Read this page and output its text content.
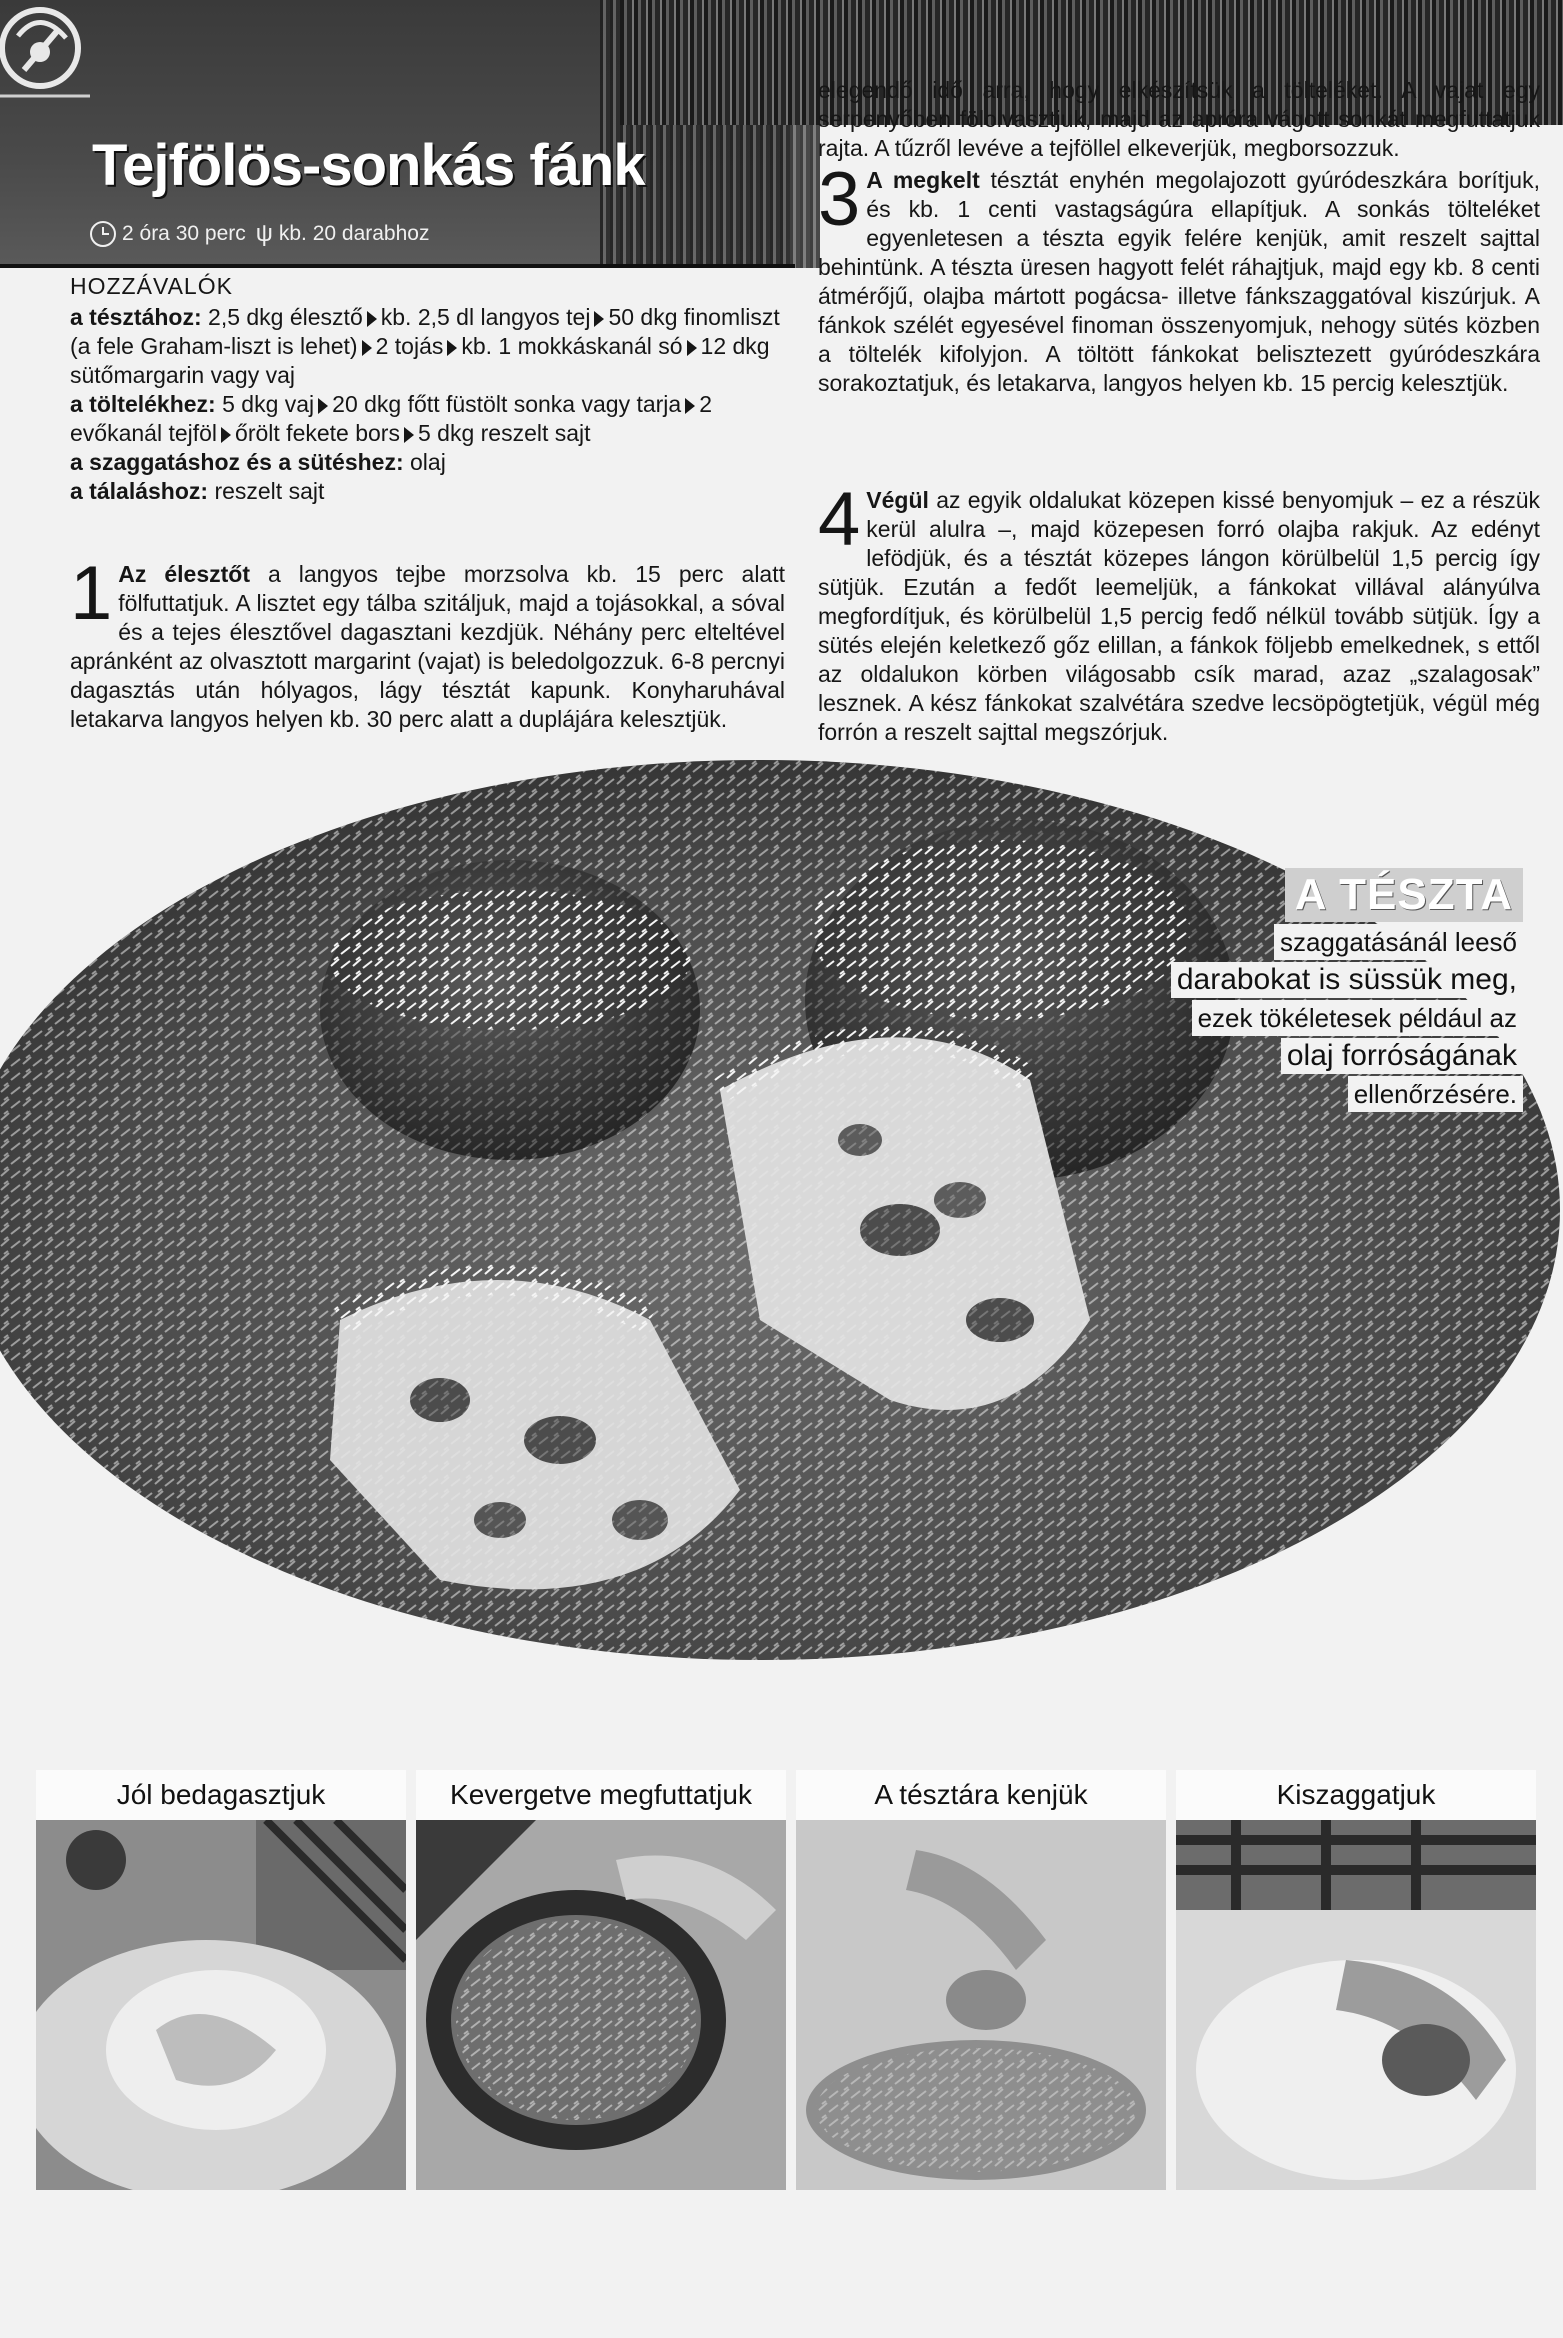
Tejfölös-sonkás fánk
2 óra 30 perc ψ kb. 20 darabhoz
HOZZÁVALÓK

a tésztához: 2,5 dkg élesztő kb. 2,5 dl langyos tej 50 dkg finomliszt (a fele Graham-liszt is lehet) 2 tojás kb. 1 mokkáskanál só 12 dkg sütőmargarin vagy vaj

a töltelékhez: 5 dkg vaj 20 dkg főtt füstölt sonka vagy tarja 2 evőkanál tejföl őrölt fekete bors 5 dkg reszelt sajt

a szaggatáshoz és a sütéshez: olaj

a tálaláshoz: reszelt sajt

1 Az élesztőt a langyos tejbe morzsolva kb. 15 perc alatt fölfuttatjuk. A lisztet egy tálba szitáljuk, majd a tojásokkal, a sóval és a tejes élesztővel dagasztani kezdjük. Néhány perc elteltével apránként az olvasztott margarint (vajat) is beledolgozzuk. 6-8 percnyi dagasztás után hólyagos, lágy tésztát kapunk. Konyharuhával letakarva langyos helyen kb. 30 perc alatt a duplájára kelesztjük.
elegendő idő arra, hogy elkészítsük a tölteléket. A vajat egy serpenyőben fölolvasztjuk, majd az apróra vágott sonkát megfuttatjuk rajta. A tűzről levéve a tejföllel elkeverjük, megborsozzuk.
3 A megkelt tésztát enyhén megolajozott gyúródeszkára borítjuk, és kb. 1 centi vastagságúra ellapítjuk. A sonkás tölteléket egyenletesen a tészta egyik felére kenjük, amit reszelt sajttal behintünk. A tészta üresen hagyott felét ráhajtjuk, majd egy kb. 8 centi átmérőjű, olajba mártott pogácsa- illetve fánkszaggatóval kiszúrjuk. A fánkok szélét egyesével finoman összenyomjuk, nehogy sütés közben a töltelék kifolyjon. A töltött fánkokat belisztezett gyúródeszkára sorakoztatjuk, és letakarva, langyos helyen kb. 15 percig kelesztjük.
4 Végül az egyik oldalukat közepen kissé benyomjuk – ez a részük kerül alulra –, majd közepesen forró olajba rakjuk. Az edényt lefödjük, és a tésztát közepes lángon körülbelül 1,5 percig így sütjük. Ezután a fedőt leemeljük, a fánkokat villával alányúlva megfordítjuk, és körülbelül 1,5 percig fedő nélkül tovább sütjük. Így a sütés elején keletkező gőz elillan, a fánkok följebb emelkednek, s ettől az oldalukon körben világosabb csík marad, azaz „szalagosak” lesznek. A kész fánkokat szalvétára szedve lecsöpögtetjük, végül még forrón a reszelt sajttal megszórjuk.
A TÉSZTA
szaggatásánál leeső
darabokat is süssük meg,
ezek tökéletesek például az
olaj forróságának
ellenőrzésére.
Jól bedagasztjuk	Kevergetve megfuttatjuk	A tésztára kenjük	Kiszaggatjuk
